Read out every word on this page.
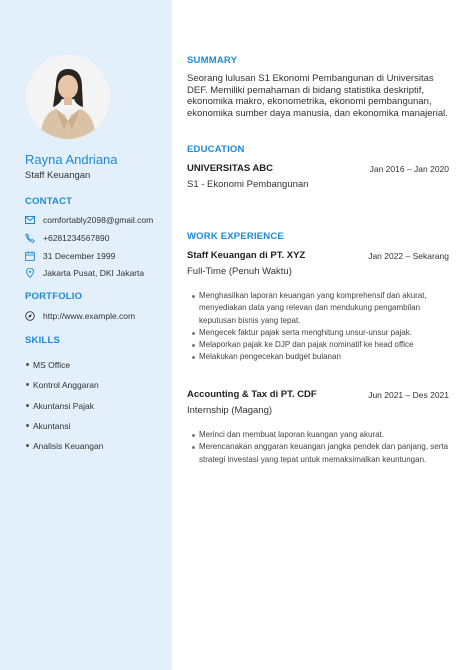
Rayna Andriana
Staff Keuangan
CONTACT
comfortably2098@gmail.com
+6281234567890
31 December 1999
Jakarta Pusat, DKI Jakarta
PORTFOLIO
http://www.example.com
SKILLS
MS Office
Kontrol Anggaran
Akuntansi Pajak
Akuntansi
Analisis Keuangan
SUMMARY
Seorang lulusan S1 Ekonomi Pembangunan di Universitas DEF. Memiliki pemahaman di bidang statistika deskriptif, ekonomika makro, ekonometrika, ekonomi pembangunan, ekonomika sumber daya manusia, dan ekonomika manajerial.
EDUCATION
UNIVERSITAS ABC	Jan 2016 – Jan 2020
S1 - Ekonomi Pembangunan
WORK EXPERIENCE
Staff Keuangan di PT. XYZ	Jan 2022 – Sekarang
Full-Time (Penuh Waktu)
Menghasilkan laporan keuangan yang komprehensif dan akurat, menyediakan data yang relevan dan mendukung pengambilan keputusan bisnis yang tepat.
Mengecek faktur pajak serta menghitung unsur-unsur pajak.
Melaporkan pajak ke DJP dan pajak nominatif ke head office
Melakukan pengecekan budget bulanan
Accounting & Tax di PT. CDF	Jun 2021 – Des 2021
Internship (Magang)
Merinci dan membuat laporan kuangan yang akurat.
Merencanakan anggaran keuangan jangka pendek dan panjang, serta strategi investasi yang tepat untuk memaksimalkan keuntungan.
